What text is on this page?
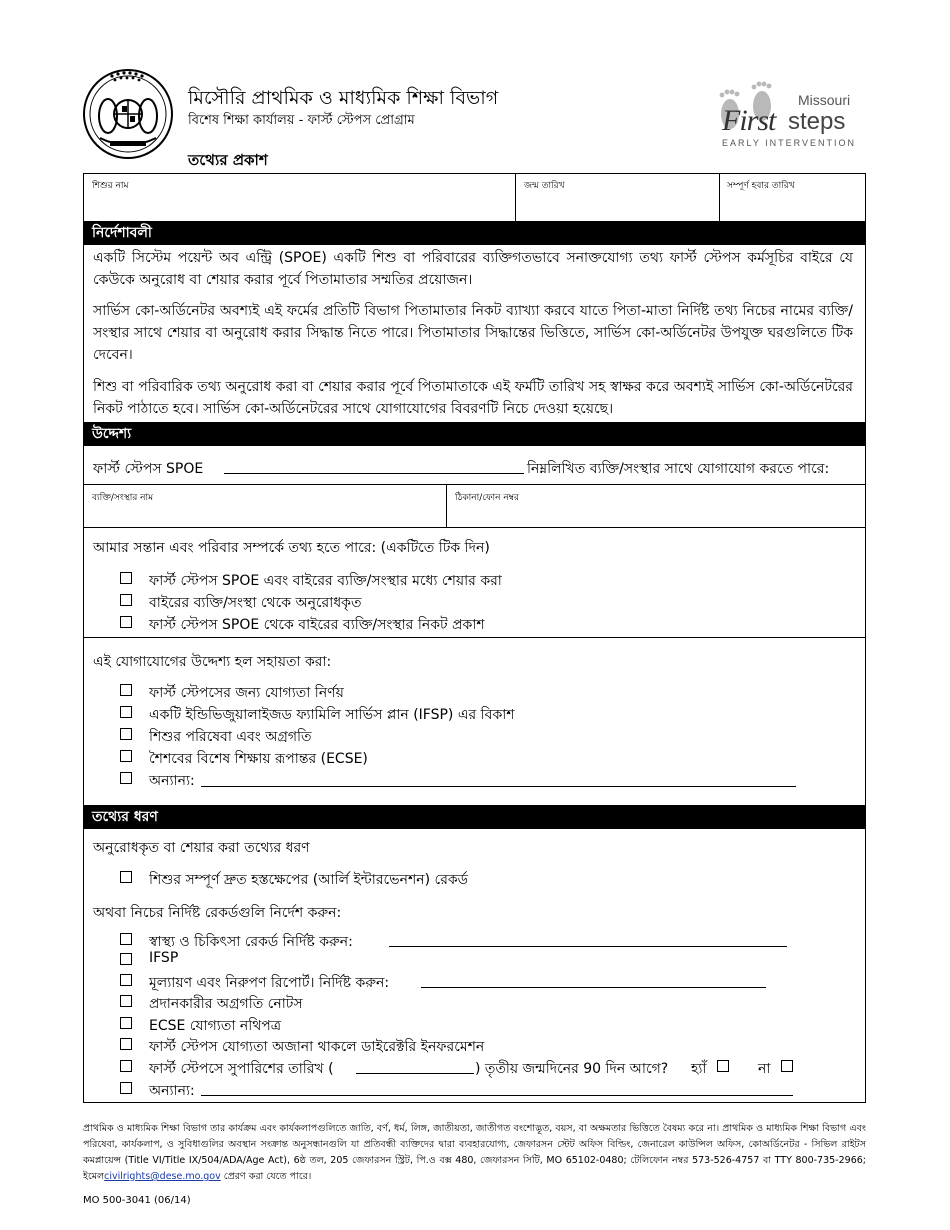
মিসৌরি প্রাথমিক ও মাধ্যমিক শিক্ষা বিভাগ
বিশেষ শিক্ষা কার্যালয় - ফার্স্ট স্টেপস প্রোগ্রাম
তথ্যের প্রকাশ
Missouri
First steps
EARLY INTERVENTION
শিশুর নাম	জন্ম তারিখ	সম্পূর্ণ হবার তারিখ
নির্দেশাবলী
একটি সিস্টেম পয়েন্ট অব এন্ট্রি (SPOE) একটি শিশু বা পরিবারের ব্যক্তিগতভাবে সনাক্তযোগ্য তথ্য ফার্স্ট স্টেপস কর্মসূচির বাইরে যে কেউকে অনুরোধ বা শেয়ার করার পূর্বে পিতামাতার সম্মতির প্রয়োজন।
সার্ভিস কো-অর্ডিনেটর অবশ্যই এই ফর্মের প্রতিটি বিভাগ পিতামাতার নিকট ব্যাখ্যা করবে যাতে পিতা-মাতা নির্দিষ্ট তথ্য নিচের নামের ব্যক্তি/সংস্থার সাথে শেয়ার বা অনুরোধ করার সিদ্ধান্ত নিতে পারে। পিতামাতার সিদ্ধান্তের ভিত্তিতে, সার্ভিস কো-অর্ডিনেটর উপযুক্ত ঘরগুলিতে টিক দেবেন।
শিশু বা পরিবারিক তথ্য অনুরোধ করা বা শেয়ার করার পূর্বে পিতামাতাকে এই ফর্মটি তারিখ সহ স্বাক্ষর করে অবশ্যই সার্ভিস কো-অর্ডিনেটরের নিকট পাঠাতে হবে। সার্ভিস কো-অর্ডিনেটরের সাথে যোগাযোগের বিবরণটি নিচে দেওয়া হয়েছে।
উদ্দেশ্য
ফার্স্ট স্টেপস SPOE	নিম্নলিখিত ব্যক্তি/সংস্থার সাথে যোগাযোগ করতে পারে:
ব্যক্তি/সংস্থার নাম	ঠিকানা/ফোন নম্বর
আমার সন্তান এবং পরিবার সম্পর্কে তথ্য হতে পারে: (একটিতে টিক দিন)
ফার্স্ট স্টেপস SPOE এবং বাইরের ব্যক্তি/সংস্থার মধ্যে শেয়ার করা
বাইরের ব্যক্তি/সংস্থা থেকে অনুরোধকৃত
ফার্স্ট স্টেপস SPOE থেকে বাইরের ব্যক্তি/সংস্থার নিকট প্রকাশ
এই যোগাযোগের উদ্দেশ্য হল সহায়তা করা:
ফার্স্ট স্টেপসের জন্য যোগ্যতা নির্ণয়
একটি ইন্ডিভিজুয়ালাইজড ফ্যামিলি সার্ভিস প্লান (IFSP) এর বিকাশ
শিশুর পরিষেবা এবং অগ্রগতি
শৈশবের বিশেষ শিক্ষায় রূপান্তর (ECSE)
অন্যান্য:
তথ্যের ধরণ
অনুরোধকৃত বা শেয়ার করা তথ্যের ধরণ
শিশুর সম্পূর্ণ দ্রুত হস্তক্ষেপের (আর্লি ইন্টারভেনশন) রেকর্ড
অথবা নিচের নির্দিষ্ট রেকর্ডগুলি নির্দেশ করুন:
স্বাস্থ্য ও চিকিৎসা রেকর্ড নির্দিষ্ট করুন:
IFSP
মূল্যায়ণ এবং নিরুপণ রিপোর্ট। নির্দিষ্ট করুন:
প্রদানকারীর অগ্রগতি নোটস
ECSE যোগ্যতা নথিপত্র
ফার্স্ট স্টেপস যোগ্যতা অজানা থাকলে ডাইরেক্টরি ইনফরমেশন
ফার্স্ট স্টেপসে সুপারিশের তারিখ (	) তৃতীয় জন্মদিনের 90 দিন আগে? হ্যাঁ	না
অন্যান্য:
প্রাথমিক ও মাধ্যমিক শিক্ষা বিভাগ তার কার্যক্রম এবং কার্যকলাপগুলিতে জাতি, বর্ণ, ধর্ম, লিঙ্গ, জাতীয়তা, জাতীগত বংশোদ্ভূত, বয়স, বা অক্ষমতার ভিত্তিতে বৈষম্য করে না। প্রাথমিক ও মাধ্যমিক শিক্ষা বিভাগ এবং পরিষেবা, কার্যকলাপ, ও সুবিধাগুলির অবস্থান সংক্রান্ত অনুসন্ধানগুলি যা প্রতিবন্ধী ব্যক্তিদের দ্বারা ব্যবহারযোগ্য, জেফারসন স্টেট অফিস বিল্ডিং, জেনারেল কাউন্সিল অফিস, কোঅর্ডিনেটর - সিভিল রাইটস কমপ্লায়েন্স (Title VI/Title IX/504/ADA/Age Act), 6ষ্ঠ তল, 205 জেফারসন স্ট্রিট, পি.ও বক্স 480, জেফারসন সিটি, MO 65102-0480; টেলিফোন নম্বর 573-526-4757 বা TTY 800-735-2966; ইমেলcivilrights@dese.mo.gov প্রেরণ করা যেতে পারে।
MO 500-3041 (06/14)
